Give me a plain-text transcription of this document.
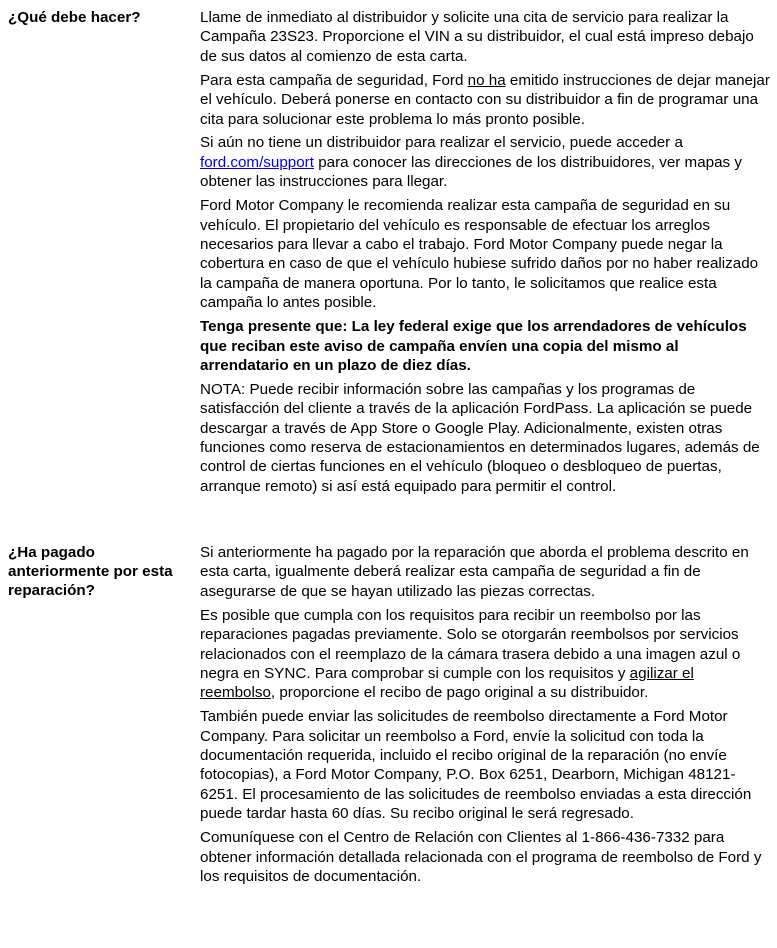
¿Qué debe hacer?	Llame de inmediato al distribuidor y solicite una cita de servicio para realizar la Campaña 23S23. Proporcione el VIN a su distribuidor, el cual está impreso debajo de sus datos al comienzo de esta carta.

Para esta campaña de seguridad, Ford no ha emitido instrucciones de dejar manejar el vehículo. Deberá ponerse en contacto con su distribuidor a fin de programar una cita para solucionar este problema lo más pronto posible.

Si aún no tiene un distribuidor para realizar el servicio, puede acceder a ford.com/support para conocer las direcciones de los distribuidores, ver mapas y obtener las instrucciones para llegar.

Ford Motor Company le recomienda realizar esta campaña de seguridad en su vehículo. El propietario del vehículo es responsable de efectuar los arreglos necesarios para llevar a cabo el trabajo. Ford Motor Company puede negar la cobertura en caso de que el vehículo hubiese sufrido daños por no haber realizado la campaña de manera oportuna. Por lo tanto, le solicitamos que realice esta campaña lo antes posible.

Tenga presente que: La ley federal exige que los arrendadores de vehículos que reciban este aviso de campaña envíen una copia del mismo al arrendatario en un plazo de diez días.

NOTA: Puede recibir información sobre las campañas y los programas de satisfacción del cliente a través de la aplicación FordPass. La aplicación se puede descargar a través de App Store o Google Play. Adicionalmente, existen otras funciones como reserva de estacionamientos en determinados lugares, además de control de ciertas funciones en el vehículo (bloqueo o desbloqueo de puertas, arranque remoto) si así está equipado para permitir el control.

¿Ha pagado anteriormente por esta reparación?

Si anteriormente ha pagado por la reparación que aborda el problema descrito en esta carta, igualmente deberá realizar esta campaña de seguridad a fin de asegurarse de que se hayan utilizado las piezas correctas.

Es posible que cumpla con los requisitos para recibir un reembolso por las reparaciones pagadas previamente. Solo se otorgarán reembolsos por servicios relacionados con el reemplazo de la cámara trasera debido a una imagen azul o negra en SYNC. Para comprobar si cumple con los requisitos y agilizar el reembolso, proporcione el recibo de pago original a su distribuidor.

También puede enviar las solicitudes de reembolso directamente a Ford Motor Company. Para solicitar un reembolso a Ford, envíe la solicitud con toda la documentación requerida, incluido el recibo original de la reparación (no envíe fotocopias), a Ford Motor Company, P.O. Box 6251, Dearborn, Michigan 48121-6251. El procesamiento de las solicitudes de reembolso enviadas a esta dirección puede tardar hasta 60 días. Su recibo original le será regresado.

Comuníquese con el Centro de Relación con Clientes al 1-866-436-7332 para obtener información detallada relacionada con el programa de reembolso de Ford y los requisitos de documentación.
